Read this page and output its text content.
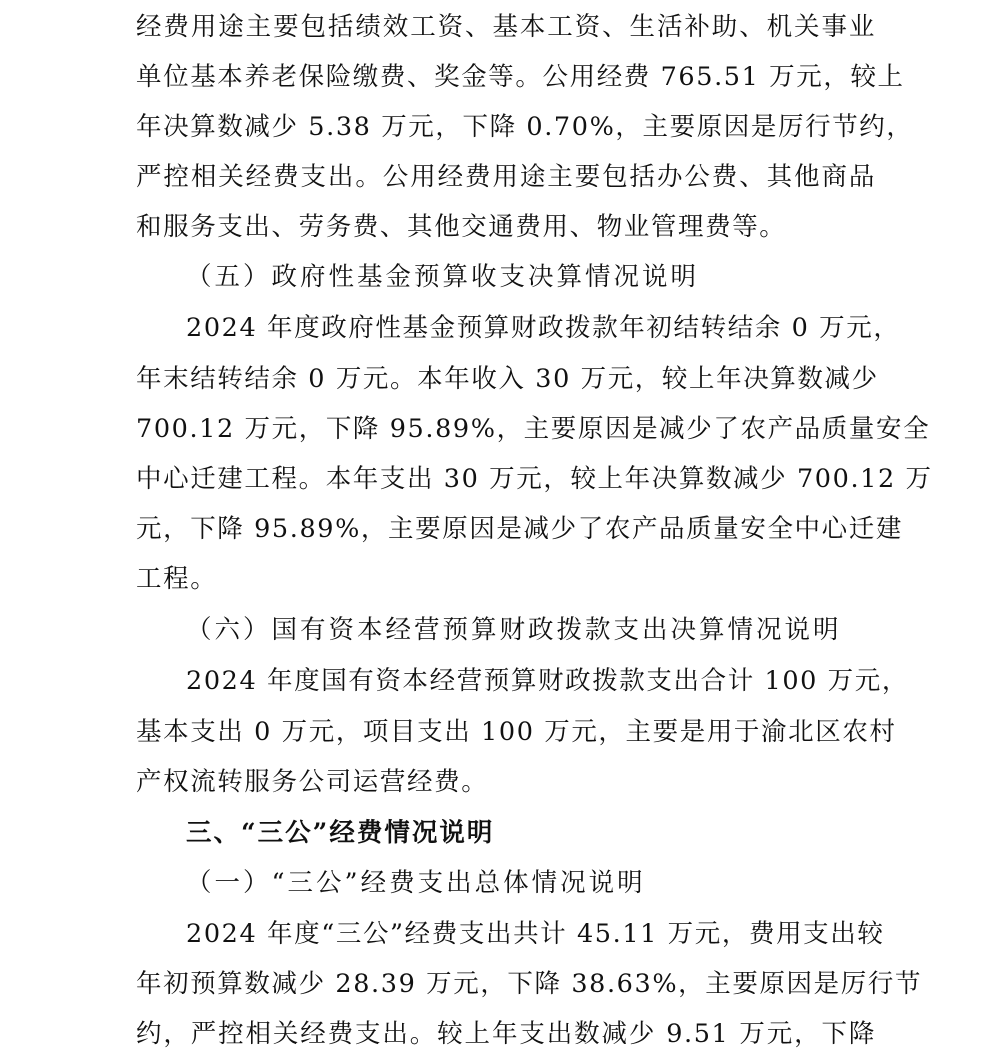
经费用途主要包括绩效工资、基本工资、生活补助、机关事业
单位基本养老保险缴费、奖金等。公用经费 765.51 万元，较上
年决算数减少 5.38 万元，下降 0.70%，主要原因是厉行节约，
严控相关经费支出。公用经费用途主要包括办公费、其他商品
和服务支出、劳务费、其他交通费用、物业管理费等。
（五）政府性基金预算收支决算情况说明
2024 年度政府性基金预算财政拨款年初结转结余 0 万元，
年末结转结余 0 万元。本年收入 30 万元，较上年决算数减少
700.12 万元，下降 95.89%，主要原因是减少了农产品质量安全
中心迁建工程。本年支出 30 万元，较上年决算数减少 700.12 万
元，下降 95.89%，主要原因是减少了农产品质量安全中心迁建
工程。
（六）国有资本经营预算财政拨款支出决算情况说明
2024 年度国有资本经营预算财政拨款支出合计 100 万元，
基本支出 0 万元，项目支出 100 万元，主要是用于渝北区农村
产权流转服务公司运营经费。
三、“三公”经费情况说明
（一）“三公”经费支出总体情况说明
2024 年度“三公”经费支出共计 45.11 万元，费用支出较
年初预算数减少 28.39 万元，下降 38.63%，主要原因是厉行节
约，严控相关经费支出。较上年支出数减少 9.51 万元，下降
